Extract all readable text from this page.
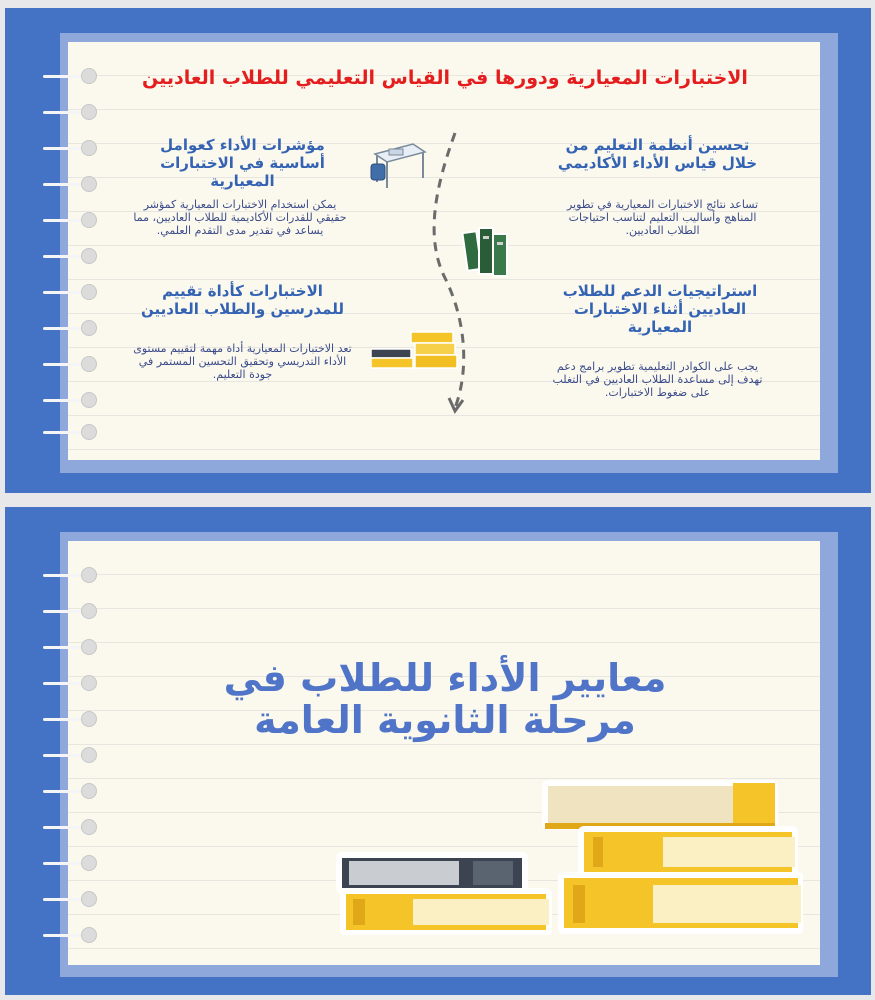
الاختبارات المعيارية ودورها في القياس التعليمي للطلاب العاديين
تحسين أنظمة التعليم من خلال قياس الأداء الأكاديمي
تساعد نتائج الاختبارات المعيارية في تطوير المناهج وأساليب التعليم لتناسب احتياجات الطلاب العاديين.
مؤشرات الأداء كعوامل أساسية في الاختبارات المعيارية
يمكن استخدام الاختبارات المعيارية كمؤشر حقيقي للقدرات الأكاديمية للطلاب العاديين، مما يساعد في تقدير مدى التقدم العلمي.
استراتيجيات الدعم للطلاب العاديين أثناء الاختبارات المعيارية
يجب على الكوادر التعليمية تطوير برامج دعم تهدف إلى مساعدة الطلاب العاديين في التغلب على ضغوط الاختبارات.
الاختبارات كأداة تقييم للمدرسين والطلاب العاديين
تعد الاختبارات المعيارية أداة مهمة لتقييم مستوى الأداء التدريسي وتحقيق التحسين المستمر في جودة التعليم.
معايير الأداء للطلاب في مرحلة الثانوية العامة
